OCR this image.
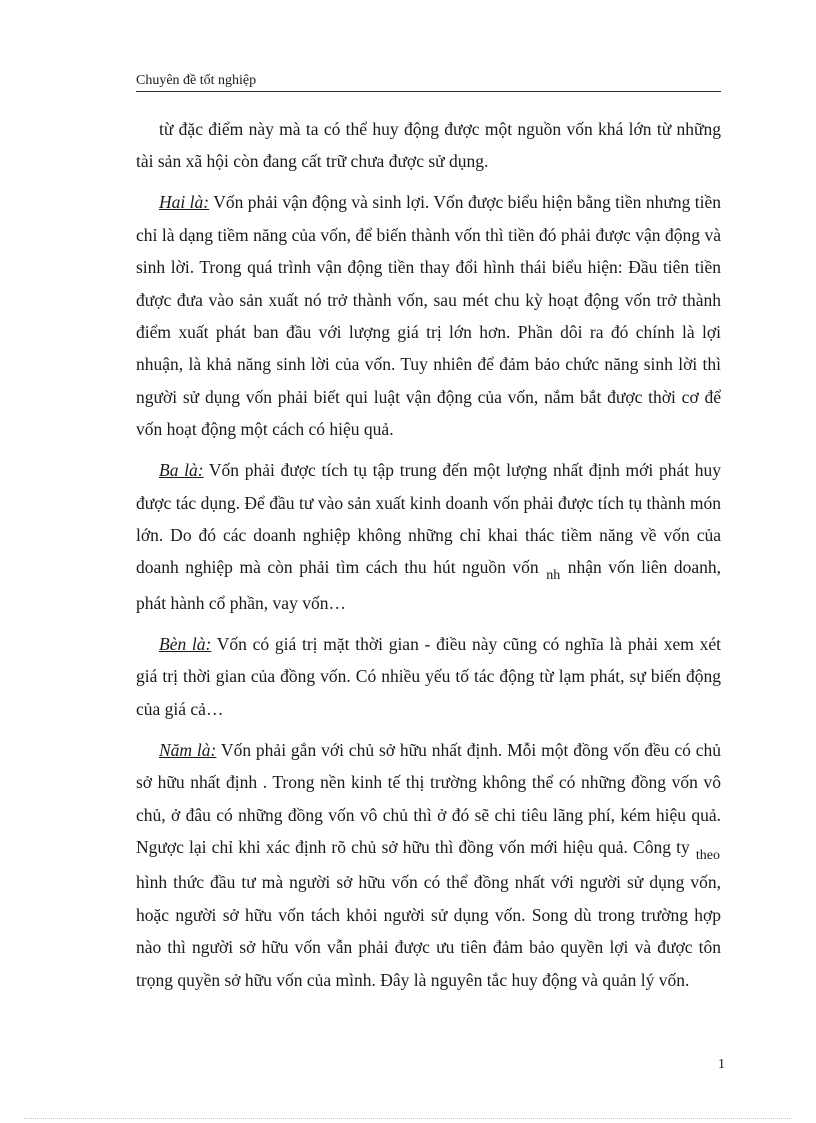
Chuyên đề tốt nghiệp

từ đặc điểm này mà ta có thể huy động được một nguồn vốn khá lớn từ những tài sản xã hội còn đang cất trữ chưa được sử dụng.

Hai là: Vốn phải vận động và sinh lợi. Vốn được biểu hiện bằng tiền nhưng tiền chỉ là dạng tiềm năng của vốn, để biến thành vốn thì tiền đó phải được vận động và sinh lời. Trong quá trình vận động tiền thay đổi hình thái biểu hiện: Đầu tiên tiền được đưa vào sản xuất nó trở thành vốn, sau mét chu kỳ hoạt động vốn trở thành điểm xuất phát ban đầu với lượng giá trị lớn hơn. Phần dôi ra đó chính là lợi nhuận, là khả năng sinh lời của vốn. Tuy nhiên để đảm bảo chức năng sinh lời thì người sử dụng vốn phải biết qui luật vận động của vốn, nắm bắt được thời cơ để vốn hoạt động một cách có hiệu quả.

Ba là: Vốn phải được tích tụ tập trung đến một lượng nhất định mới phát huy được tác dụng. Để đầu tư vào sản xuất kinh doanh vốn phải được tích tụ thành món lớn. Do đó các doanh nghiệp không những chỉ khai thác tiềm năng về vốn của doanh nghiệp mà còn phải tìm cách thu hút nguồn vốn $_{nh}$ nhận vốn liên doanh, phát hành cổ phần, vay vốn…

Bèn là: Vốn có giá trị mặt thời gian - điều này cũng có nghĩa là phải xem xét giá trị thời gian của đồng vốn. Có nhiều yếu tố tác động từ lạm phát, sự biến động của giá cả…

Năm là: Vốn phải gắn với chủ sở hữu nhất định. Mỗi một đồng vốn đều có chủ sở hữu nhất định . Trong nền kinh tế thị trường không thể có những đồng vốn vô chủ, ở đâu có những đồng vốn vô chủ thì ở đó sẽ chi tiêu lãng phí, kém hiệu quả. Ngược lại chỉ khi xác định rõ chủ sở hữu thì đồng vốn mới hiệu quả. Công ty $_{theo}$ hình thức đầu tư mà người sở hữu vốn có thể đồng nhất với người sử dụng vốn, hoặc người sở hữu vốn tách khỏi người sử dụng vốn. Song dù trong trường hợp nào thì người sở hữu vốn vẫn phải được ưu tiên đảm bảo quyền lợi và được tôn trọng quyền sở hữu vốn của mình. Đây là nguyên tắc huy động và quản lý vốn.

1
